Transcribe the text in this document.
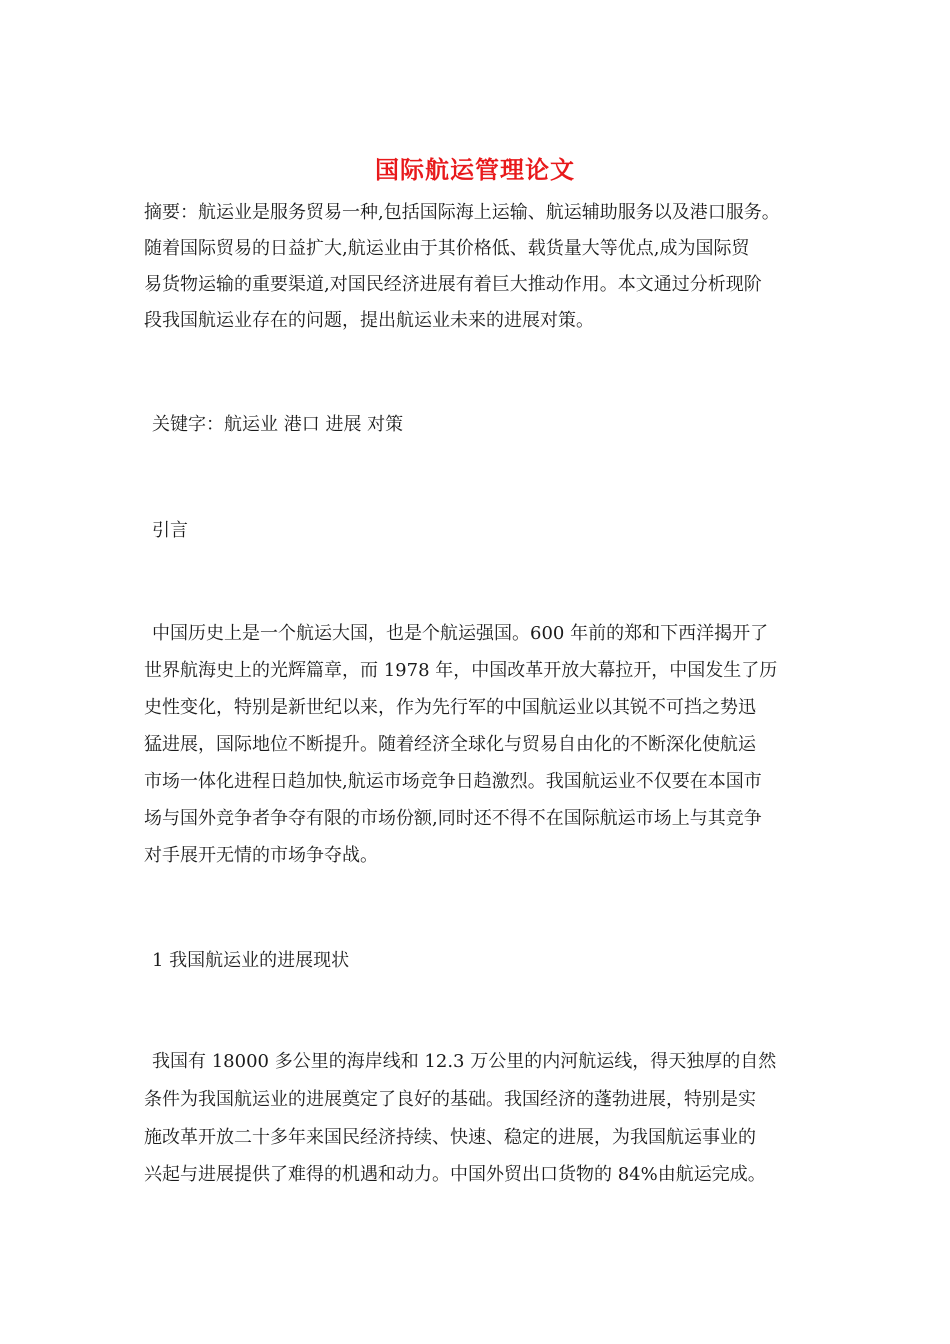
国际航运管理论文
摘要：航运业是服务贸易一种,包括国际海上运输、航运辅助服务以及港口服务。
随着国际贸易的日益扩大,航运业由于其价格低、载货量大等优点,成为国际贸
易货物运输的重要渠道,对国民经济进展有着巨大推动作用。本文通过分析现阶
段我国航运业存在的问题，提出航运业未来的进展对策。
关键字：航运业 港口 进展 对策
引言
中国历史上是一个航运大国，也是个航运强国。600 年前的郑和下西洋揭开了
世界航海史上的光辉篇章，而 1978 年，中国改革开放大幕拉开，中国发生了历
史性变化，特别是新世纪以来，作为先行军的中国航运业以其锐不可挡之势迅
猛进展，国际地位不断提升。随着经济全球化与贸易自由化的不断深化使航运
市场一体化进程日趋加快,航运市场竞争日趋激烈。我国航运业不仅要在本国市
场与国外竞争者争夺有限的市场份额,同时还不得不在国际航运市场上与其竞争
对手展开无情的市场争夺战。
1 我国航运业的进展现状
我国有 18000 多公里的海岸线和 12.3 万公里的内河航运线，得天独厚的自然
条件为我国航运业的进展奠定了良好的基础。我国经济的蓬勃进展，特别是实
施改革开放二十多年来国民经济持续、快速、稳定的进展，为我国航运事业的
兴起与进展提供了难得的机遇和动力。中国外贸出口货物的 84%由航运完成。
